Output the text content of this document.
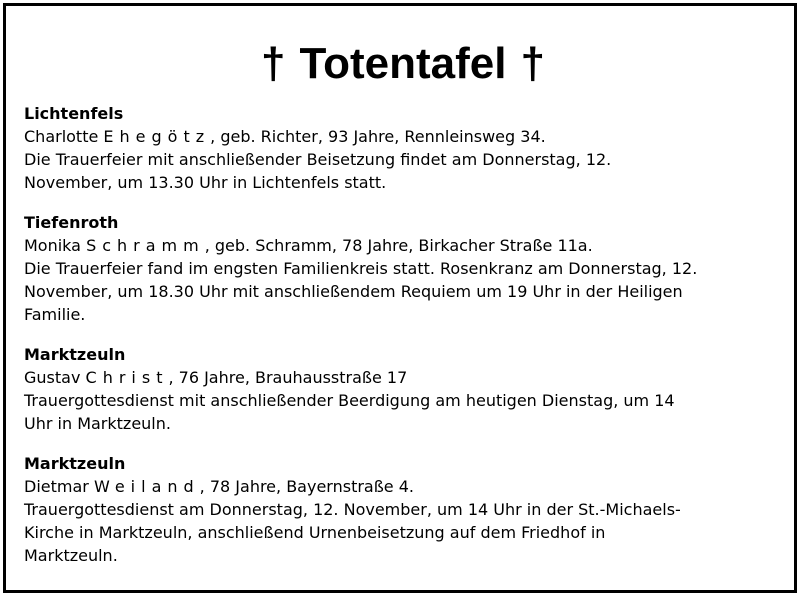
† Totentafel †
Lichtenfels
Charlotte Ehegötz, geb. Richter, 93 Jahre, Rennleinsweg 34.
Die Trauerfeier mit anschließender Beisetzung findet am Donnerstag, 12.
November, um 13.30 Uhr in Lichtenfels statt.
Tiefenroth
Monika Schramm, geb. Schramm, 78 Jahre, Birkacher Straße 11a.
Die Trauerfeier fand im engsten Familienkreis statt. Rosenkranz am Donnerstag, 12.
November, um 18.30 Uhr mit anschließendem Requiem um 19 Uhr in der Heiligen
Familie.
Marktzeuln
Gustav Christ, 76 Jahre, Brauhausstraße 17
Trauergottesdienst mit anschließender Beerdigung am heutigen Dienstag, um 14
Uhr in Marktzeuln.
Marktzeuln
Dietmar Weiland, 78 Jahre, Bayernstraße 4.
Trauergottesdienst am Donnerstag, 12. November, um 14 Uhr in der St.-Michaels-
Kirche in Marktzeuln, anschließend Urnenbeisetzung auf dem Friedhof in
Marktzeuln.
